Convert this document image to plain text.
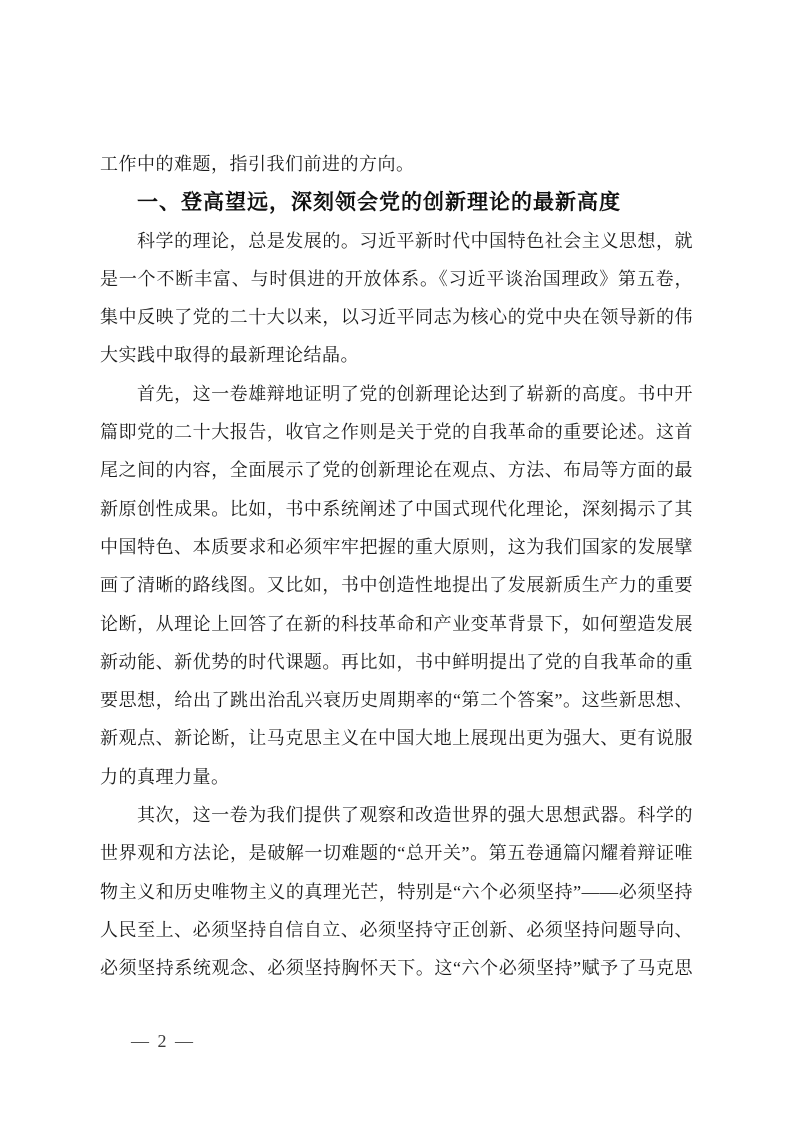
工作中的难题，指引我们前进的方向。
一、登高望远，深刻领会党的创新理论的最新高度
科学的理论，总是发展的。习近平新时代中国特色社会主义思想，就
是一个不断丰富、与时俱进的开放体系。《习近平谈治国理政》第五卷，
集中反映了党的二十大以来，以习近平同志为核心的党中央在领导新的伟
大实践中取得的最新理论结晶。
首先，这一卷雄辩地证明了党的创新理论达到了崭新的高度。书中开
篇即党的二十大报告，收官之作则是关于党的自我革命的重要论述。这首
尾之间的内容，全面展示了党的创新理论在观点、方法、布局等方面的最
新原创性成果。比如，书中系统阐述了中国式现代化理论，深刻揭示了其
中国特色、本质要求和必须牢牢把握的重大原则，这为我们国家的发展擘
画了清晰的路线图。又比如，书中创造性地提出了发展新质生产力的重要
论断，从理论上回答了在新的科技革命和产业变革背景下，如何塑造发展
新动能、新优势的时代课题。再比如，书中鲜明提出了党的自我革命的重
要思想，给出了跳出治乱兴衰历史周期率的“第二个答案”。这些新思想、
新观点、新论断，让马克思主义在中国大地上展现出更为强大、更有说服
力的真理力量。
其次，这一卷为我们提供了观察和改造世界的强大思想武器。科学的
世界观和方法论，是破解一切难题的“总开关”。第五卷通篇闪耀着辩证唯
物主义和历史唯物主义的真理光芒，特别是“六个必须坚持”——必须坚持
人民至上、必须坚持自信自立、必须坚持守正创新、必须坚持问题导向、
必须坚持系统观念、必须坚持胸怀天下。这“六个必须坚持”赋予了马克思
— 2 —
